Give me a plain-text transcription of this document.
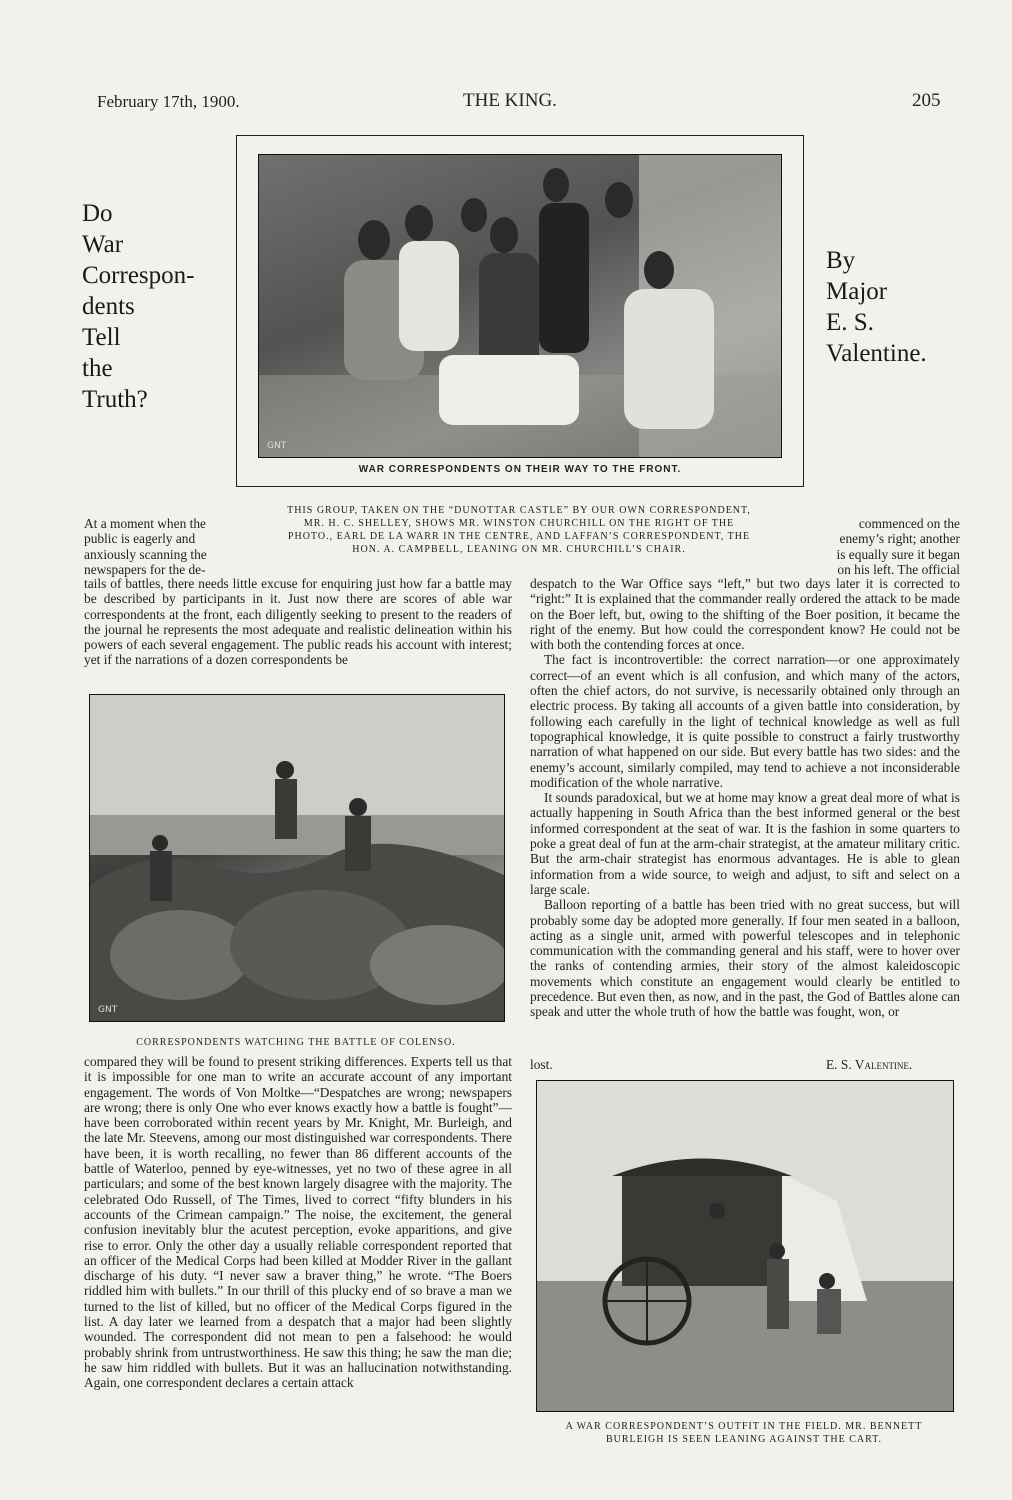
February 17th, 1900.	THE KING.	205
Do
War
Correspon-
dents
Tell
the
Truth?
By
Major
E. S.
Valentine.
GNT
WAR CORRESPONDENTS ON THEIR WAY TO THE FRONT.
THIS GROUP, TAKEN ON THE “DUNOTTAR CASTLE” BY OUR OWN CORRESPONDENT,
MR. H. C. SHELLEY, SHOWS MR. WINSTON CHURCHILL ON THE RIGHT OF THE
PHOTO., EARL DE LA WARR IN THE CENTRE, AND LAFFAN’S CORRESPONDENT, THE
HON. A. CAMPBELL, LEANING ON MR. CHURCHILL’S CHAIR.
At a moment when the
public is eagerly and
anxiously scanning the
newspapers for the de-
commenced on the
enemy’s right; another
is equally sure it began
on his left. The official

tails of battles, there needs little excuse for enquiring just how far a battle may be described by participants in it. Just now there are scores of able war correspondents at the front, each diligently seeking to present to the readers of the journal he represents the most adequate and realistic delineation within his powers of each several engagement. The public reads his account with interest; yet if the narrations of a dozen correspondents be

GNT
CORRESPONDENTS WATCHING THE BATTLE OF COLENSO.

compared they will be found to present striking differences. Experts tell us that it is impossible for one man to write an accurate account of any important engagement. The words of Von Moltke—“Despatches are wrong; newspapers are wrong; there is only One who ever knows exactly how a battle is fought”—have been corroborated within recent years by Mr. Knight, Mr. Burleigh, and the late Mr. Steevens, among our most distinguished war correspondents. There have been, it is worth recalling, no fewer than 86 different accounts of the battle of Waterloo, penned by eye-witnesses, yet no two of these agree in all particulars; and some of the best known largely disagree with the majority. The celebrated Odo Russell, of The Times, lived to correct “fifty blunders in his accounts of the Crimean campaign.” The noise, the excitement, the general confusion inevitably blur the acutest perception, evoke apparitions, and give rise to error. Only the other day a usually reliable correspondent reported that an officer of the Medical Corps had been killed at Modder River in the gallant discharge of his duty. “I never saw a braver thing,” he wrote. “The Boers riddled him with bullets.” In our thrill of this plucky end of so brave a man we turned to the list of killed, but no officer of the Medical Corps figured in the list. A day later we learned from a despatch that a major had been slightly wounded. The correspondent did not mean to pen a falsehood: he would probably shrink from untrustworthiness. He saw this thing; he saw the man die; he saw him riddled with bullets. But it was an hallucination notwithstanding. Again, one correspondent declares a certain attack

despatch to the War Office says “left,” but two days later it is corrected to “right:” It is explained that the commander really ordered the attack to be made on the Boer left, but, owing to the shifting of the Boer position, it became the right of the enemy. But how could the correspondent know? He could not be with both the contending forces at once.

The fact is incontrovertible: the correct narration—or one approximately correct—of an event which is all confusion, and which many of the actors, often the chief actors, do not survive, is necessarily obtained only through an electric process. By taking all accounts of a given battle into consideration, by following each carefully in the light of technical knowledge as well as full topographical knowledge, it is quite possible to construct a fairly trustworthy narration of what happened on our side. But every battle has two sides: and the enemy’s account, similarly compiled, may tend to achieve a not inconsiderable modification of the whole narrative.

It sounds paradoxical, but we at home may know a great deal more of what is actually happening in South Africa than the best informed general or the best informed correspondent at the seat of war. It is the fashion in some quarters to poke a great deal of fun at the arm-chair strategist, at the amateur military critic. But the arm-chair strategist has enormous advantages. He is able to glean information from a wide source, to weigh and adjust, to sift and select on a large scale.

Balloon reporting of a battle has been tried with no great success, but will probably some day be adopted more generally. If four men seated in a balloon, acting as a single unit, armed with powerful telescopes and in telephonic communication with the commanding general and his staff, were to hover over the ranks of contending armies, their story of the almost kaleidoscopic movements which constitute an engagement would clearly be entitled to precedence. But even then, as now, and in the past, the God of Battles alone can speak and utter the whole truth of how the battle was fought, won, or

lost.	E. S. Valentine.
A WAR CORRESPONDENT’S OUTFIT IN THE FIELD. MR. BENNETT
BURLEIGH IS SEEN LEANING AGAINST THE CART.
